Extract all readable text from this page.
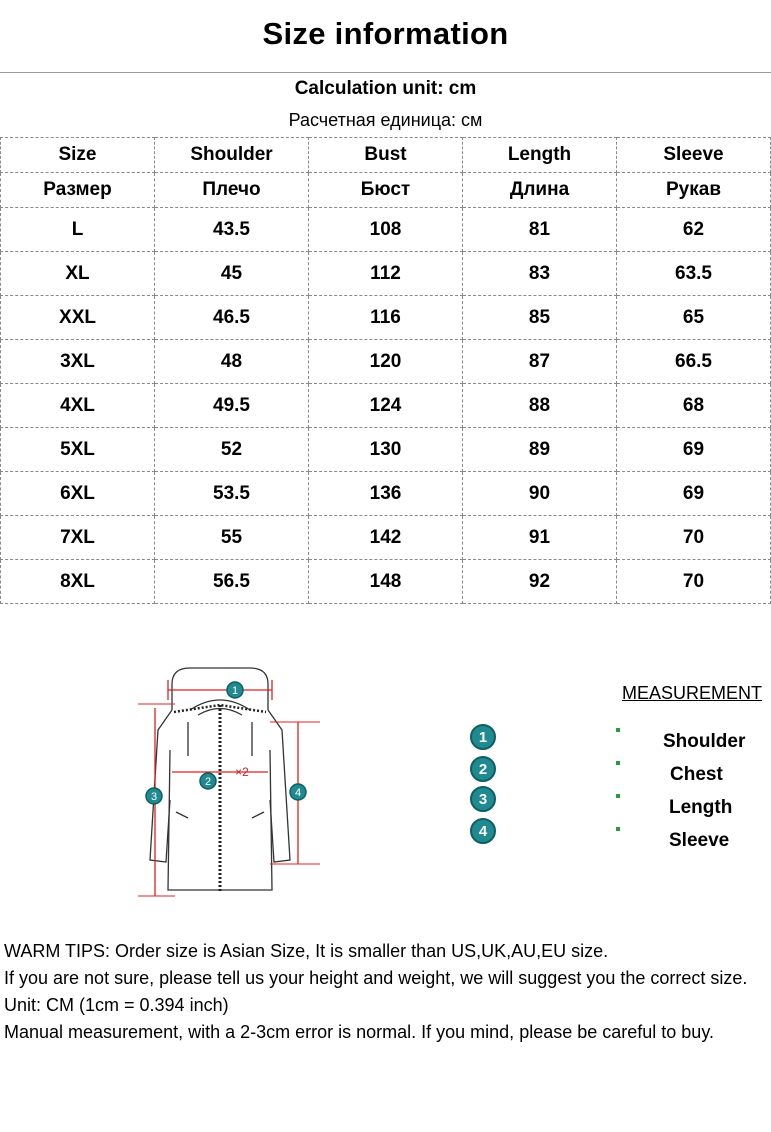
Size information
Calculation unit: cm
Расчетная единица: см
Size	Shoulder	Bust	Length	Sleeve
Размер	Плечо	Бюст	Длина	Рукав
L	43.5	108	81	62
XL	45	112	83	63.5
XXL	46.5	116	85	65
3XL	48	120	87	66.5
4XL	49.5	124	88	68
5XL	52	130	89	69
6XL	53.5	136	90	69
7XL	55	142	91	70
8XL	56.5	148	92	70
1
2
×2
3	4
1
2
3
4
MEASUREMENT
Shoulder
Chest
Length
Sleeve

WARM TIPS: Order size is Asian Size, It is smaller than US,UK,AU,EU size.

If you are not sure, please tell us your height and weight, we will suggest you the correct size.

Unit: CM (1cm = 0.394 inch)

Manual measurement, with a 2-3cm error is normal. If you mind, please be careful to buy.
